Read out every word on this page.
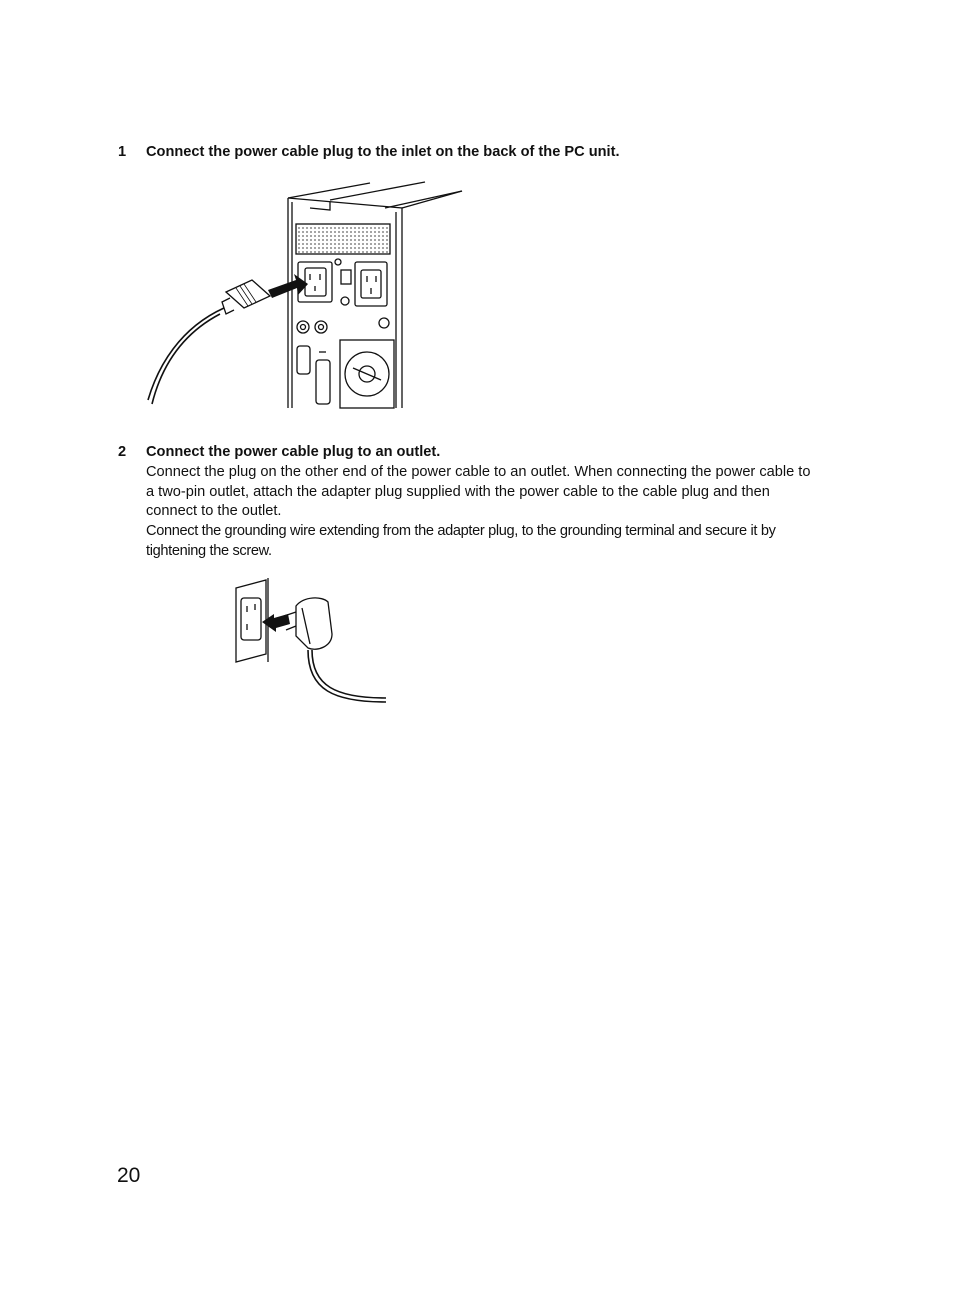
1 Connect the power cable plug to the inlet on the back of the PC unit.
2 Connect the power cable plug to an outlet.

Connect the plug on the other end of the power cable to an outlet. When connecting the power cable to a two-pin outlet, attach the adapter plug supplied with the power cable to the cable plug and then connect to the outlet.

Connect the grounding wire extending from the adapter plug, to the grounding terminal and secure it by tightening the screw.

20
